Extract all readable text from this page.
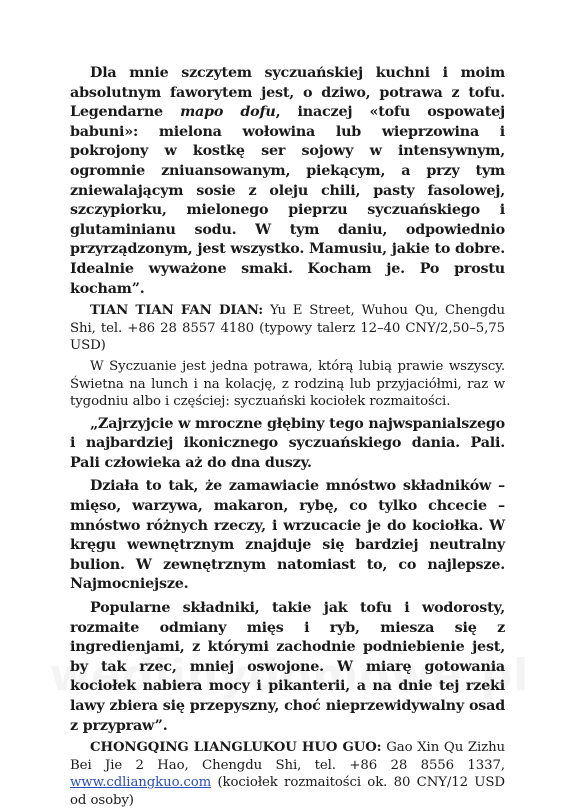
Dla mnie szczytem syczuańskiej kuchni i moim absolutnym faworytem jest, o dziwo, potrawa z tofu. Legendarne mapo dofu, inaczej «tofu ospowatej babuni»: mielona wołowina lub wieprzowina i pokrojony w kostkę ser sojowy w intensywnym, ogromnie zniuansowanym, piekącym, a przy tym zniewalającym sosie z oleju chili, pasty fasolowej, szczypiorku, mielonego pieprzu syczuańskiego i glutaminianu sodu. W tym daniu, odpowiednio przyrządzonym, jest wszystko. Mamusiu, jakie to dobre. Idealnie wyważone smaki. Kocham je. Po prostu kocham”.

TIAN TIAN FAN DIAN: Yu E Street, Wuhou Qu, Chengdu Shi, tel. +86 28 8557 4180 (typowy talerz 12–40 CNY/2,50–5,75 USD)

W Syczuanie jest jedna potrawa, którą lubią prawie wszyscy. Świetna na lunch i na kolację, z rodziną lub przyjaciółmi, raz w tygodniu albo i częściej: syczuański kociołek rozmaitości.

„Zajrzyjcie w mroczne głębiny tego najwspanialszego i najbardziej ikonicznego syczuańskiego dania. Pali. Pali człowieka aż do dna duszy.

Działa to tak, że zamawiacie mnóstwo składników – mięso, warzywa, makaron, rybę, co tylko chcecie – mnóstwo różnych rzeczy, i wrzucacie je do kociołka. W kręgu wewnętrznym znajduje się bardziej neutralny bulion. W zewnętrznym natomiast to, co najlepsze. Najmocniejsze.

Popularne składniki, takie jak tofu i wodorosty, rozmaite odmiany mięs i ryb, miesza się z ingredienjami, z którymi zachodnie podniebienie jest, by tak rzec, mniej oswojone. W miarę gotowania kociołek nabiera mocy i pikanterii, a na dnie tej rzeki lawy zbiera się przepyszny, choć nieprzewidywalny osad z przypraw”.

CHONGQING LIANGLUKOU HUO GUO: Gao Xin Qu Zizhu Bei Jie 2 Hao, Chengdu Shi, tel. +86 28 8556 1337, www.cdliangkuo.com (kociołek rozmaitości ok. 80 CNY/12 USD od osoby)
